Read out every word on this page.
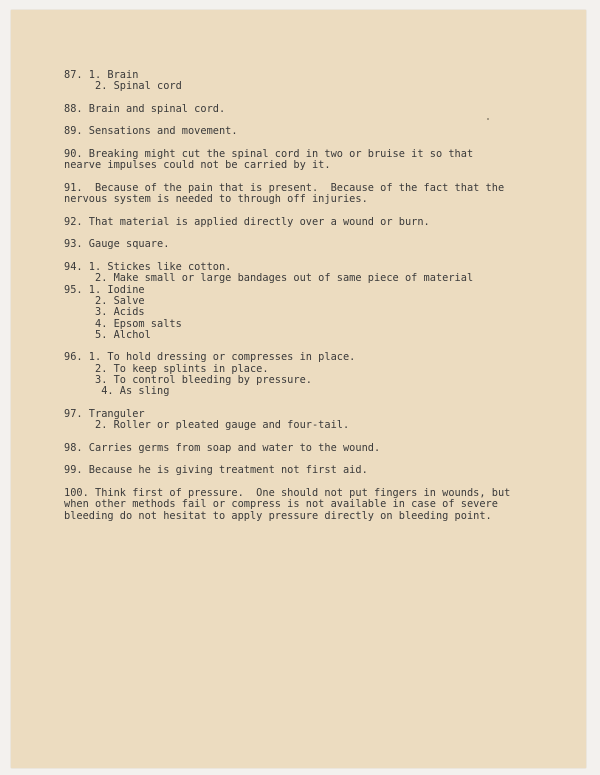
87. 1. Brain
2. Spinal cord
88. Brain and spinal cord.
89. Sensations and movement.
90. Breaking might cut the spinal cord in two or bruise it so that
nearve impulses could not be carried by it.
91.  Because of the pain that is present.  Because of the fact that the
nervous system is needed to through off injuries.
92. That material is applied directly over a wound or burn.
93. Gauge square.
94. 1. Stickes like cotton.
2. Make small or large bandages out of same piece of material
95. 1. Iodine
2. Salve
3. Acids
4. Epsom salts
5. Alchol
96. 1. To hold dressing or compresses in place.
2. To keep splints in place.
3. To control bleeding by pressure.
4. As sling
97. Tranguler
2. Roller or pleated gauge and four-tail.
98. Carries germs from soap and water to the wound.
99. Because he is giving treatment not first aid.
100. Think first of pressure.  One should not put fingers in wounds, but
when other methods fail or compress is not available in case of severe
bleeding do not hesitat to apply pressure directly on bleeding point.
